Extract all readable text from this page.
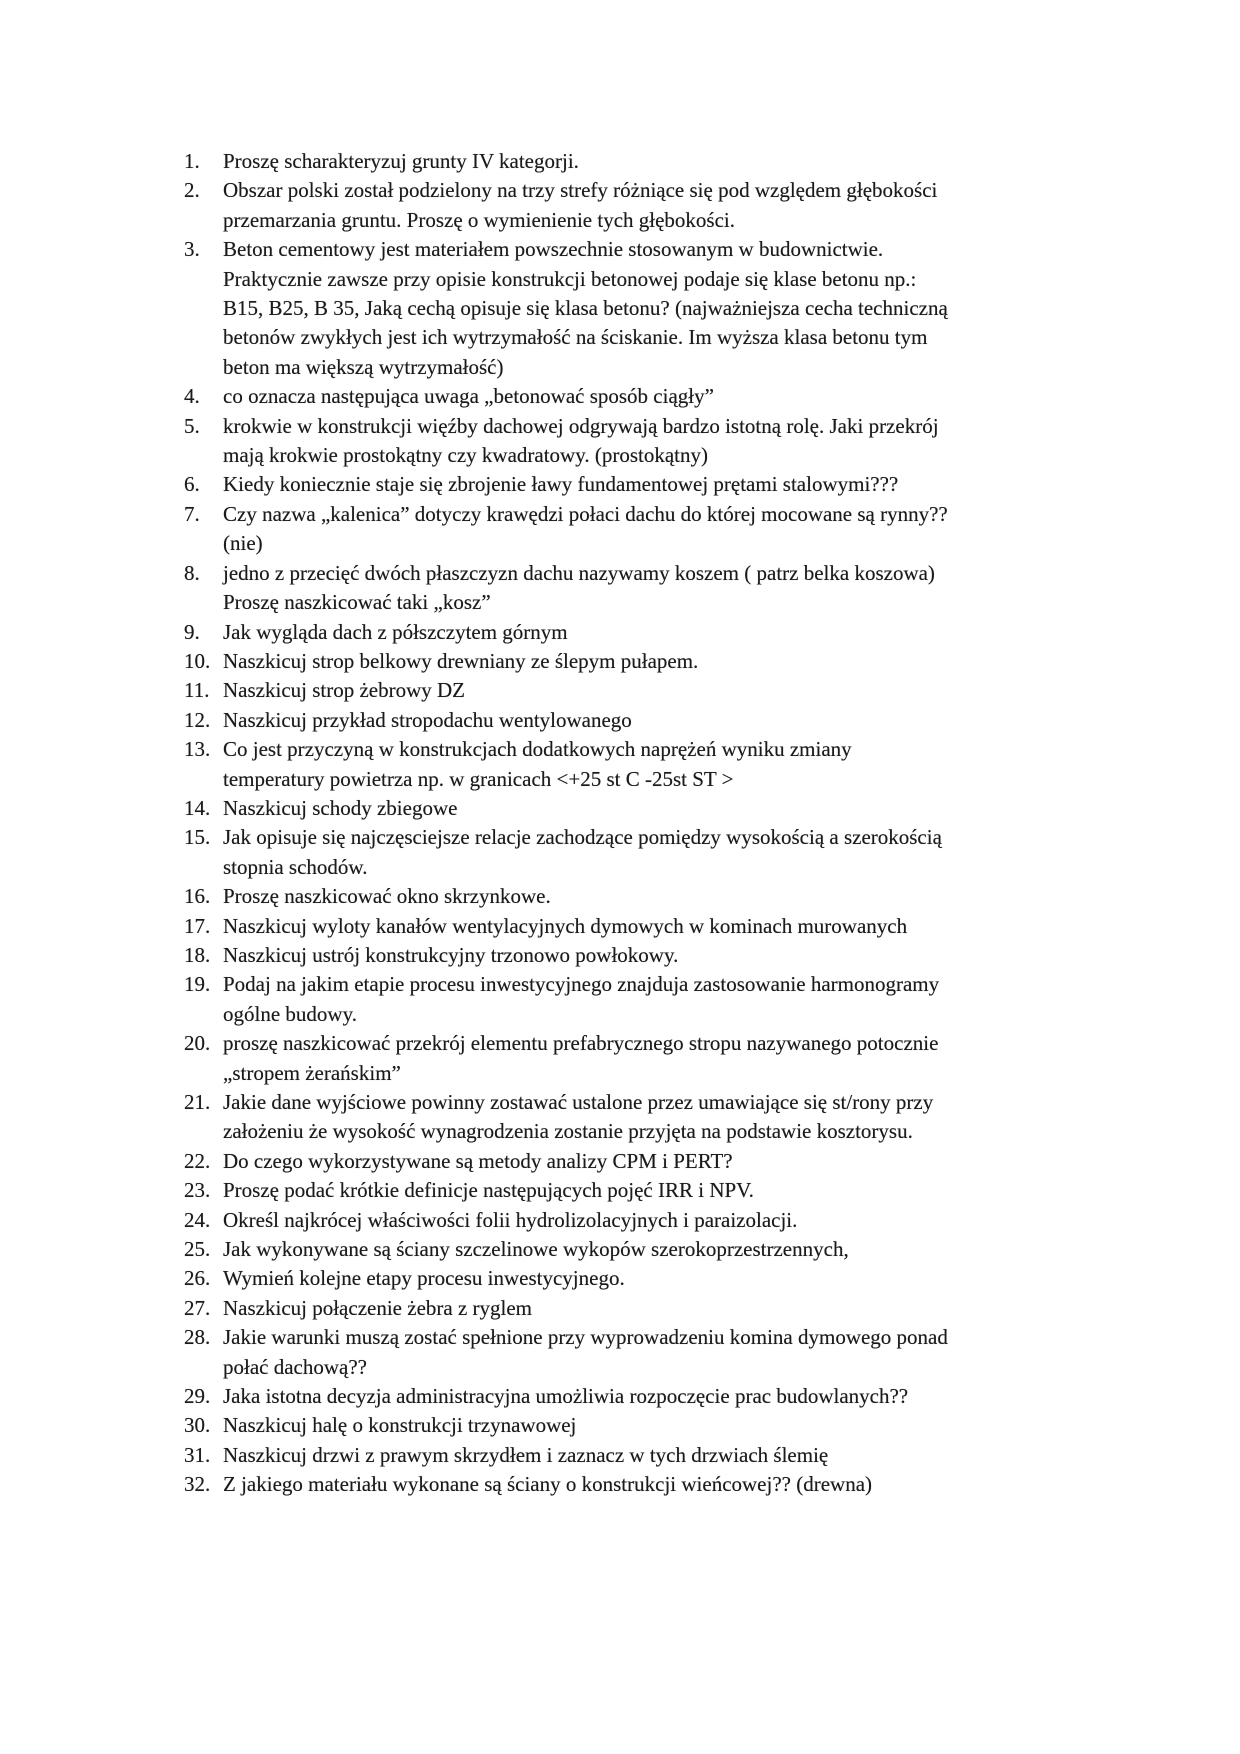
1.	Proszę scharakteryzuj grunty IV kategorji.
2.	Obszar polski został podzielony na trzy strefy różniące się pod względem głębokości
przemarzania gruntu. Proszę o wymienienie tych głębokości.
3.	Beton cementowy jest materiałem powszechnie stosowanym w budownictwie.
Praktycznie zawsze przy opisie konstrukcji betonowej podaje się klase betonu np.:
B15, B25, B 35, Jaką cechą opisuje się klasa betonu? (najważniejsza cecha techniczną
betonów zwykłych jest ich wytrzymałość na ściskanie. Im wyższa klasa betonu tym
beton ma większą wytrzymałość)
4.	co oznacza następująca uwaga „betonować sposób ciągły”
5.	krokwie w konstrukcji więźby dachowej odgrywają bardzo istotną rolę. Jaki przekrój
mają krokwie prostokątny czy kwadratowy. (prostokątny)
6.	Kiedy koniecznie staje się zbrojenie ławy fundamentowej prętami stalowymi???
7.	Czy nazwa „kalenica” dotyczy krawędzi połaci dachu do której mocowane są rynny??
(nie)
8.	jedno z przecięć dwóch płaszczyzn dachu nazywamy koszem ( patrz belka koszowa)
Proszę naszkicować taki „kosz”
9.	Jak wygląda dach z półszczytem górnym
10. Naszkicuj strop belkowy drewniany ze ślepym pułapem.
11. Naszkicuj strop żebrowy DZ
12. Naszkicuj przykład stropodachu wentylowanego
13. Co jest przyczyną w konstrukcjach dodatkowych naprężeń wyniku zmiany
temperatury powietrza np. w granicach <+25 st C -25st ST >
14. Naszkicuj schody zbiegowe
15. Jak opisuje się najczęsciejsze relacje zachodzące pomiędzy wysokością a szerokością
stopnia schodów.
16. Proszę naszkicować okno skrzynkowe.
17. Naszkicuj wyloty kanałów wentylacyjnych dymowych w kominach murowanych
18. Naszkicuj ustrój konstrukcyjny trzonowo powłokowy.
19. Podaj na jakim etapie procesu inwestycyjnego znajduja zastosowanie harmonogramy
ogólne budowy.
20. proszę naszkicować przekrój elementu prefabrycznego stropu nazywanego potocznie
„stropem żerańskim”
21. Jakie dane wyjściowe powinny zostawać ustalone przez umawiające się st/rony przy
założeniu że wysokość wynagrodzenia zostanie przyjęta na podstawie kosztorysu.
22. Do czego wykorzystywane są metody analizy CPM i PERT?
23. Proszę podać krótkie definicje następujących pojęć IRR i NPV.
24. Określ najkrócej właściwości folii hydrolizolacyjnych i paraizolacji.
25. Jak wykonywane są ściany szczelinowe wykopów szerokoprzestrzennych,
26. Wymień kolejne etapy procesu inwestycyjnego.
27. Naszkicuj połączenie żebra z ryglem
28. Jakie warunki muszą zostać spełnione przy wyprowadzeniu komina dymowego ponad
połać dachową??
29. Jaka istotna decyzja administracyjna umożliwia rozpoczęcie prac budowlanych??
30. Naszkicuj halę o konstrukcji trzynawowej
31. Naszkicuj drzwi z prawym skrzydłem i zaznacz w tych drzwiach ślemię
32. Z jakiego materiału wykonane są ściany o konstrukcji wieńcowej?? (drewna)
